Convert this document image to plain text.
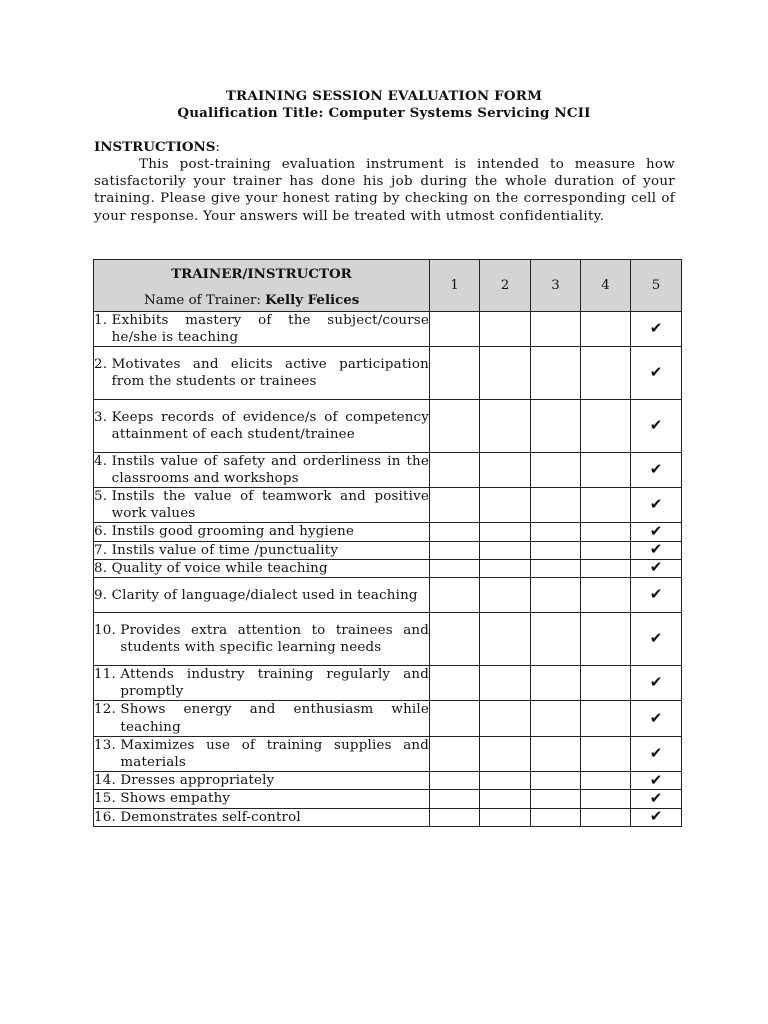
TRAINING SESSION EVALUATION FORM
Qualification Title: Computer Systems Servicing NCII
INSTRUCTIONS:
This post-training evaluation instrument is intended to measure how satisfactorily your trainer has done his job during the whole duration of your training. Please give your honest rating by checking on the corresponding cell of your response. Your answers will be treated with utmost confidentiality.
TRAINER/INSTRUCTOR
Name of Trainer: Kelly Felices	1	2	3	4	5

1. Exhibits mastery of the subject/course he/she is teaching					✔

2. Motivates and elicits active participation from the students or trainees					✔

3. Keeps records of evidence/s of competency attainment of each student/trainee					✔

4. Instils value of safety and orderliness in the classrooms and workshops					✔

5. Instils the value of teamwork and positive work values					✔

6. Instils good grooming and hygiene					✔

7. Instils value of time /punctuality					✔

8. Quality of voice while teaching					✔

9. Clarity of language/dialect used in teaching					✔

10. Provides extra attention to trainees and students with specific learning needs					✔

11. Attends industry training regularly and promptly					✔

12. Shows energy and enthusiasm while teaching					✔

13. Maximizes use of training supplies and materials					✔

14. Dresses appropriately					✔

15. Shows empathy					✔

16. Demonstrates self-control					✔
